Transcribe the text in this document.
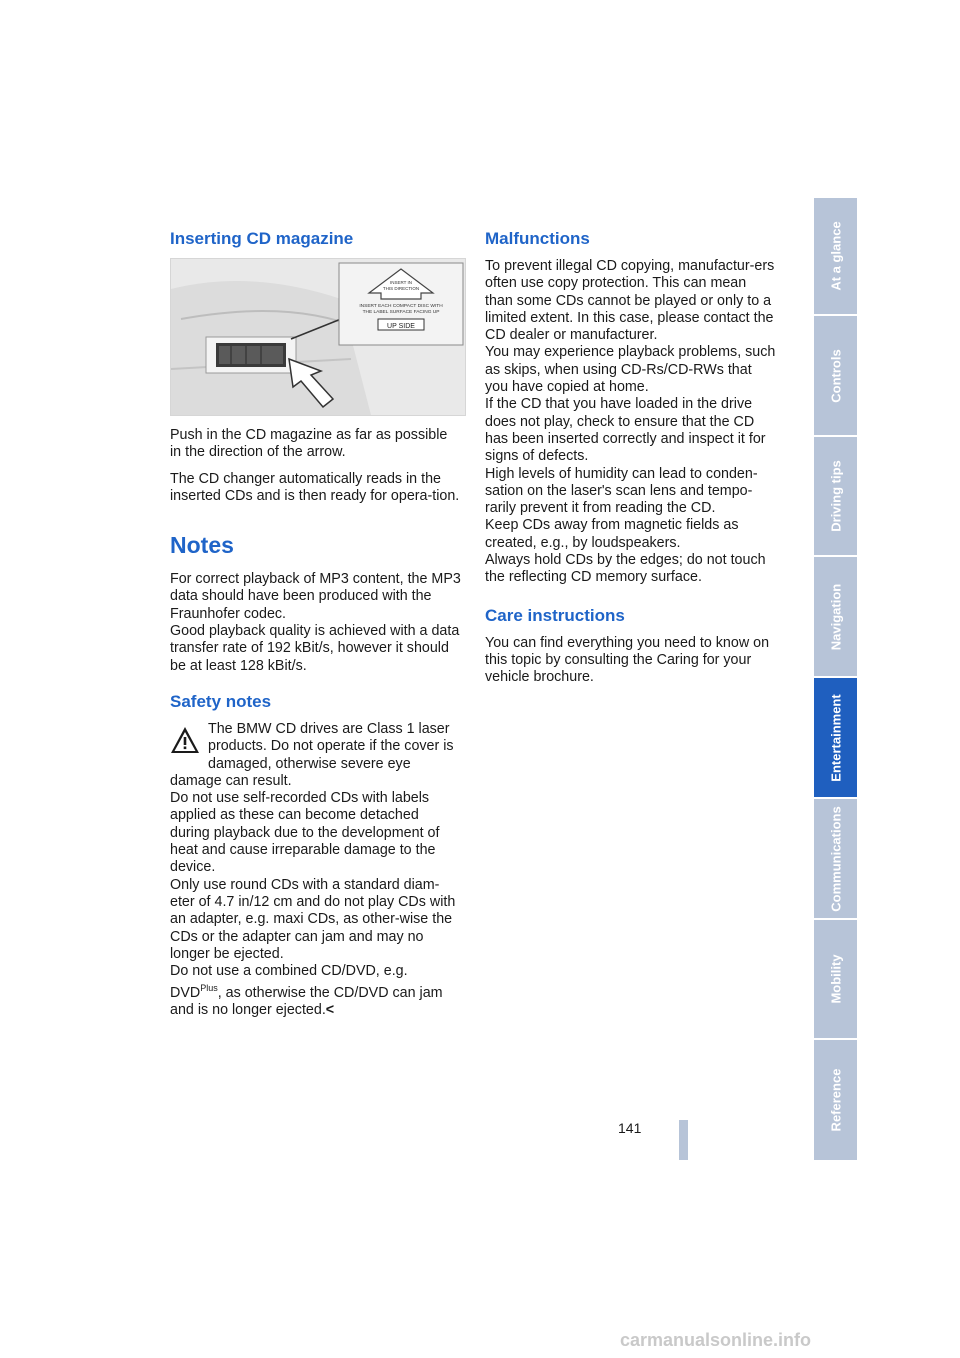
Inserting CD magazine
INSERT IN
THIS DIRECTION
INSERT EACH COMPACT DISC WITH
THE LABEL SURFACE FACING UP
UP SIDE

Push in the CD magazine as far as possible in the direction of the arrow.

The CD changer automatically reads in the inserted CDs and is then ready for opera-tion.

Notes

For correct playback of MP3 content, the MP3 data should have been produced with the Fraunhofer codec.

Good playback quality is achieved with a data transfer rate of 192 kBit/s, however it should be at least 128 kBit/s.

Safety notes

The BMW CD drives are Class 1 laser products. Do not operate if the cover is damaged, otherwise severe eye damage can result.

Do not use self-recorded CDs with labels applied as these can become detached during playback due to the development of heat and cause irreparable damage to the device.

Only use round CDs with a standard diam-eter of 4.7 in/12 cm and do not play CDs with an adapter, e.g. maxi CDs, as other-wise the CDs or the adapter can jam and may no longer be ejected.

Do not use a combined CD/DVD, e.g. $DVD^{Plus}$, as otherwise the CD/DVD can jam and is no longer ejected.<

Malfunctions

To prevent illegal CD copying, manufactur-ers often use copy protection. This can mean than some CDs cannot be played or only to a limited extent. In this case, please contact the CD dealer or manufacturer.

You may experience playback problems, such as skips, when using CD-Rs/CD-RWs that you have copied at home.

If the CD that you have loaded in the drive does not play, check to ensure that the CD has been inserted correctly and inspect it for signs of defects.

High levels of humidity can lead to conden-sation on the laser's scan lens and tempo-rarily prevent it from reading the CD.

Keep CDs away from magnetic fields as created, e.g., by loudspeakers.

Always hold CDs by the edges; do not touch the reflecting CD memory surface.

Care instructions

You can find everything you need to know on this topic by consulting the Caring for your vehicle brochure.

At a glance
Controls
Driving tips
Navigation
Entertainment
Communications
Mobility
Reference
141
carmanualsonline.info
